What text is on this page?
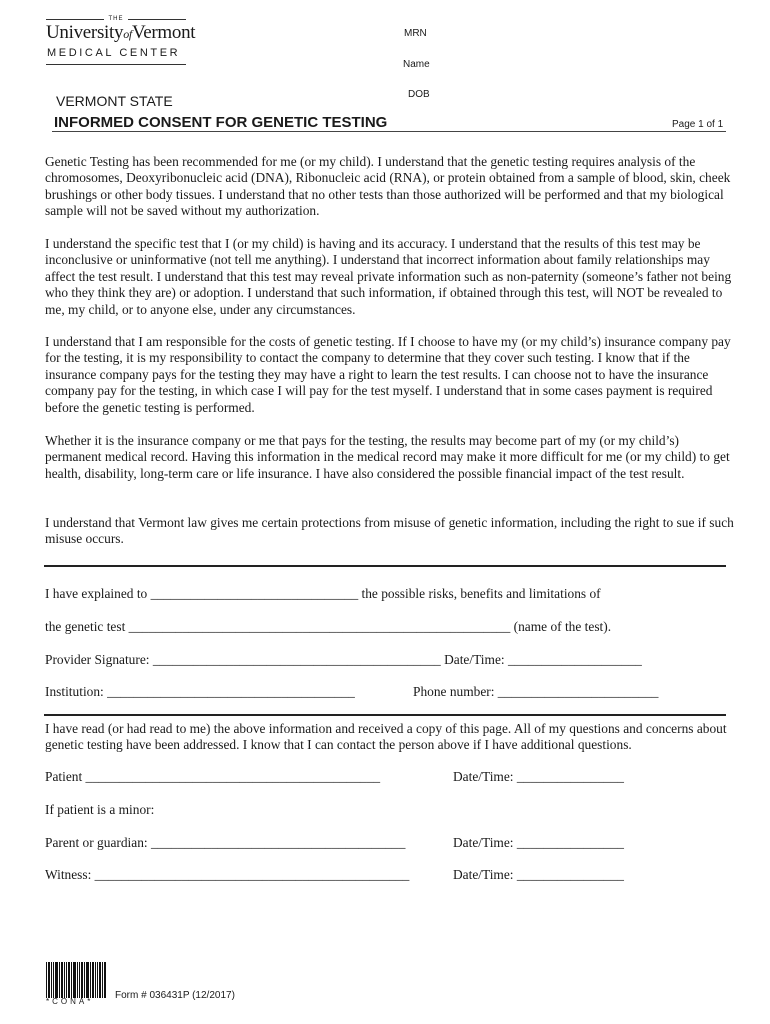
THE
UniversityofVermont
MEDICAL CENTER
MRN
Name
DOB
VERMONT STATE
INFORMED CONSENT FOR GENETIC TESTING	Page 1 of 1
Genetic Testing has been recommended for me (or my child). I understand that the genetic testing requires analysis of the chromosomes, Deoxyribonucleic acid (DNA), Ribonucleic acid (RNA), or protein obtained from a sample of blood, skin, cheek brushings or other body tissues. I understand that no other tests than those authorized will be performed and that my biological sample will not be saved without my authorization.
I understand the specific test that I (or my child) is having and its accuracy. I understand that the results of this test may be inconclusive or uninformative (not tell me anything). I understand that incorrect information about family relationships may affect the test result. I understand that this test may reveal private information such as non-paternity (someone’s father not being who they think they are) or adoption. I understand that such information, if obtained through this test, will NOT be revealed to me, my child, or to anyone else, under any circumstances.
I understand that I am responsible for the costs of genetic testing. If I choose to have my (or my child’s) insurance company pay for the testing, it is my responsibility to contact the company to determine that they cover such testing. I know that if the insurance company pays for the testing they may have a right to learn the test results. I can choose not to have the insurance company pay for the testing, in which case I will pay for the test myself. I understand that in some cases payment is required before the genetic testing is performed.
Whether it is the insurance company or me that pays for the testing, the results may become part of my (or my child’s) permanent medical record. Having this information in the medical record may make it more difficult for me (or my child) to get health, disability, long-term care or life insurance. I have also considered the possible financial impact of the test result.
I understand that Vermont law gives me certain protections from misuse of genetic information, including the right to sue if such misuse occurs.
I have explained to _______________________________ the possible risks, benefits and limitations of
the genetic test _________________________________________________________ (name of the test).
Provider Signature: ___________________________________________ Date/Time: ____________________
Institution: _____________________________________	Phone number: ________________________
I have read (or had read to me) the above information and received a copy of this page. All of my questions and concerns about genetic testing have been addressed. I know that I can contact the person above if I have additional questions.
Patient ____________________________________________	Date/Time: ________________
If patient is a minor:
Parent or guardian: ______________________________________	Date/Time: ________________
Witness: _______________________________________________	Date/Time: ________________
*CONA*
Form # 036431P (12/2017)
